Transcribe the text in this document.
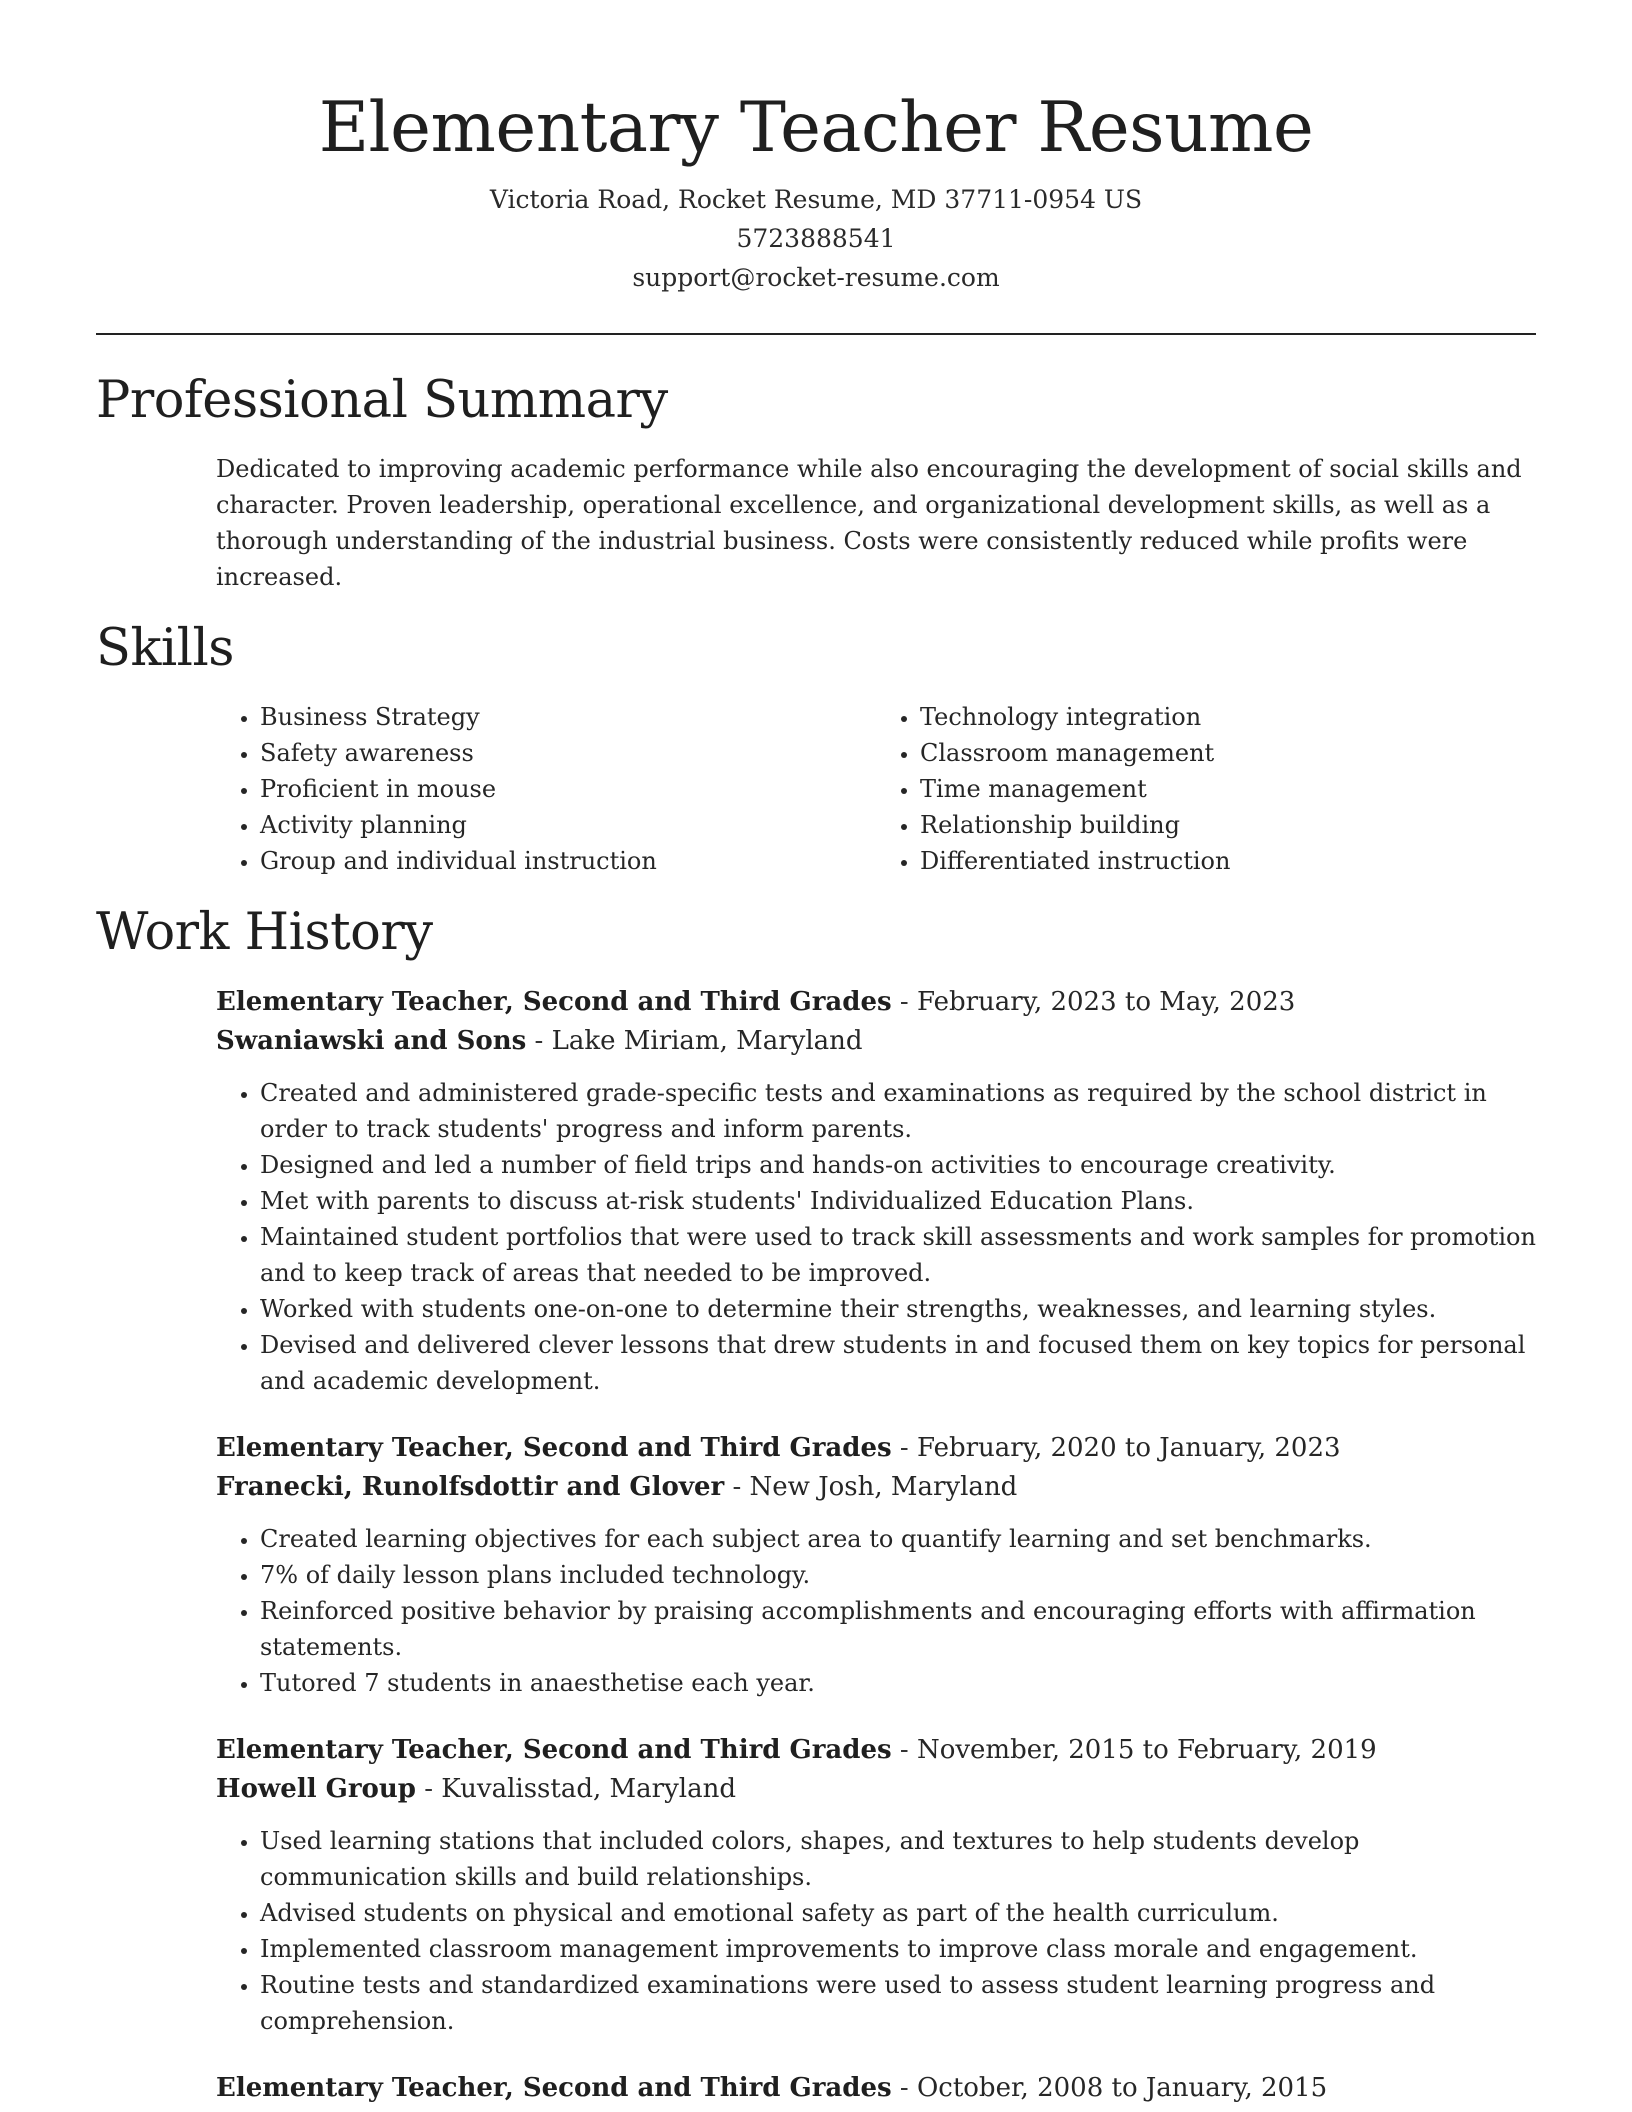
Elementary Teacher Resume
Victoria Road, Rocket Resume, MD 37711-0954 US
5723888541
support@rocket-resume.com
Professional Summary

Dedicated to improving academic performance while also encouraging the development of social skills and character. Proven leadership, operational excellence, and organizational development skills, as well as a thorough understanding of the industrial business. Costs were consistently reduced while profits were increased.

Skills
• Business Strategy
• Safety awareness
• Proficient in mouse
• Activity planning
• Group and individual instruction
• Technology integration
• Classroom management
• Time management
• Relationship building
• Differentiated instruction
Work History
Elementary Teacher, Second and Third Grades - February, 2023 to May, 2023
Swaniawski and Sons - Lake Miriam, Maryland
• Created and administered grade-specific tests and examinations as required by the school district in order to track students' progress and inform parents.
• Designed and led a number of field trips and hands-on activities to encourage creativity.
• Met with parents to discuss at-risk students' Individualized Education Plans.
• Maintained student portfolios that were used to track skill assessments and work samples for promotion and to keep track of areas that needed to be improved.
• Worked with students one-on-one to determine their strengths, weaknesses, and learning styles.
• Devised and delivered clever lessons that drew students in and focused them on key topics for personal and academic development.
Elementary Teacher, Second and Third Grades - February, 2020 to January, 2023
Franecki, Runolfsdottir and Glover - New Josh, Maryland
• Created learning objectives for each subject area to quantify learning and set benchmarks.
• 7% of daily lesson plans included technology.
• Reinforced positive behavior by praising accomplishments and encouraging efforts with affirmation statements.
• Tutored 7 students in anaesthetise each year.
Elementary Teacher, Second and Third Grades - November, 2015 to February, 2019
Howell Group - Kuvalisstad, Maryland
• Used learning stations that included colors, shapes, and textures to help students develop communication skills and build relationships.
• Advised students on physical and emotional safety as part of the health curriculum.
• Implemented classroom management improvements to improve class morale and engagement.
• Routine tests and standardized examinations were used to assess student learning progress and comprehension.
Elementary Teacher, Second and Third Grades - October, 2008 to January, 2015
